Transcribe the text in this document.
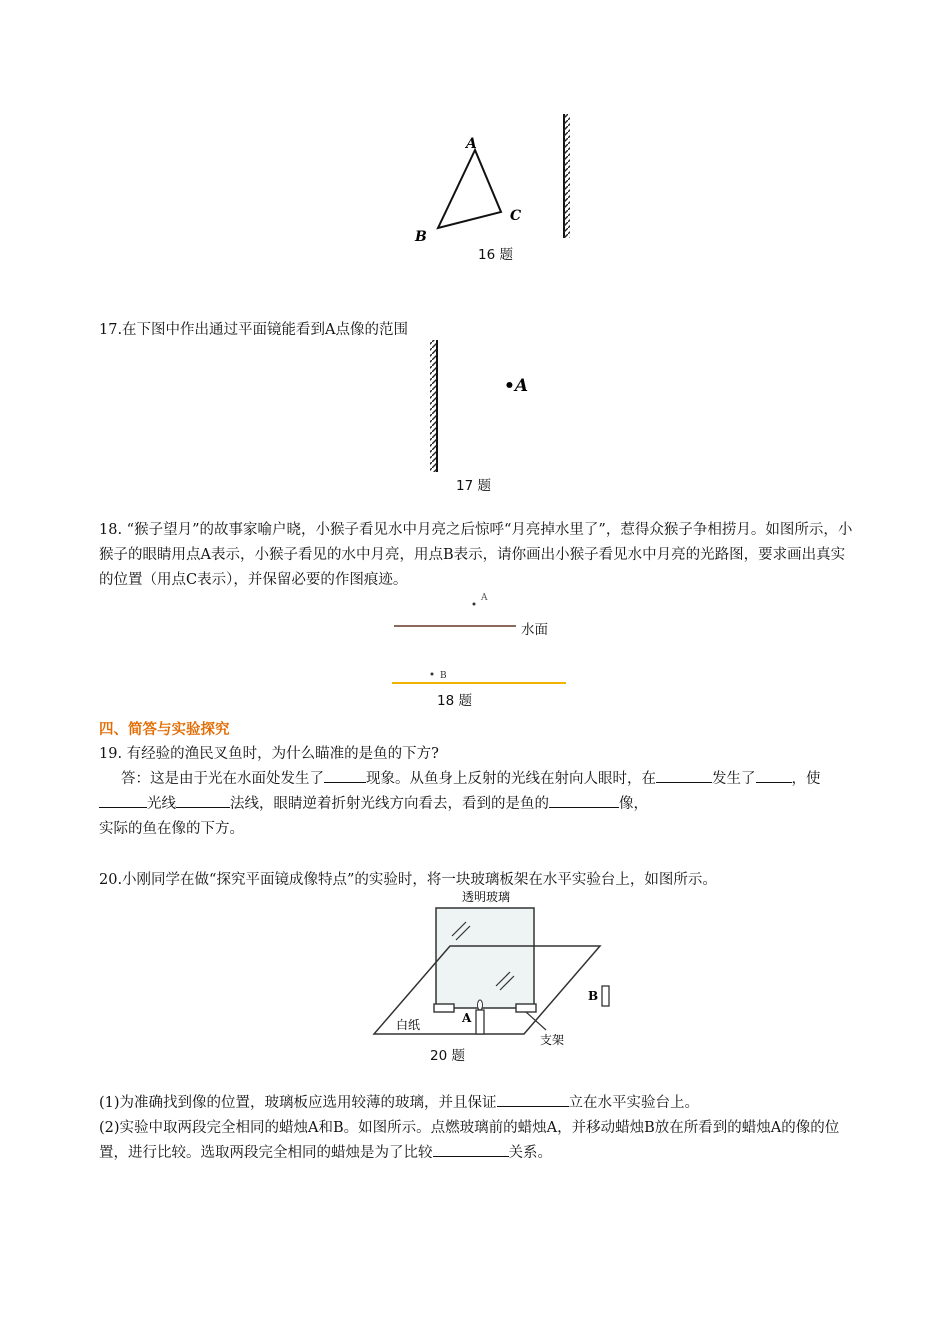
A
B
C
16 题
17.在下图中作出通过平面镜能看到A点像的范围
•A
17 题
18. “猴子望月”的故事家喻户晓，小猴子看见水中月亮之后惊呼“月亮掉水里了”，惹得众猴子争相捞月。如图所示，小猴子的眼睛用点A表示，小猴子看见的水中月亮，用点B表示，请你画出小猴子看见水中月亮的光路图，要求画出真实的位置（用点C表示），并保留必要的作图痕迹。
A
B
水面
18 题
四、简答与实验探究
19. 有经验的渔民叉鱼时，为什么瞄准的是鱼的下方?
答：这是由于光在水面处发生了	现象。从鱼身上反射的光线在射向人眼时，在	发生了 ，使光线	法线，眼睛逆着折射光线方向看去，看到的是鱼的	像，
实际的鱼在像的下方。
20.小刚同学在做“探究平面镜成像特点”的实验时，将一块玻璃板架在水平实验台上，如图所示。
透明玻璃
白纸
支架
A
B
20 题
(1)为准确找到像的位置，玻璃板应选用较薄的玻璃，并且保证	立在水平实验台上。
(2)实验中取两段完全相同的蜡烛A和B。如图所示。点燃玻璃前的蜡烛A，并移动蜡烛B放在所看到的蜡烛A的像的位置，进行比较。选取两段完全相同的蜡烛是为了比较	关系。
